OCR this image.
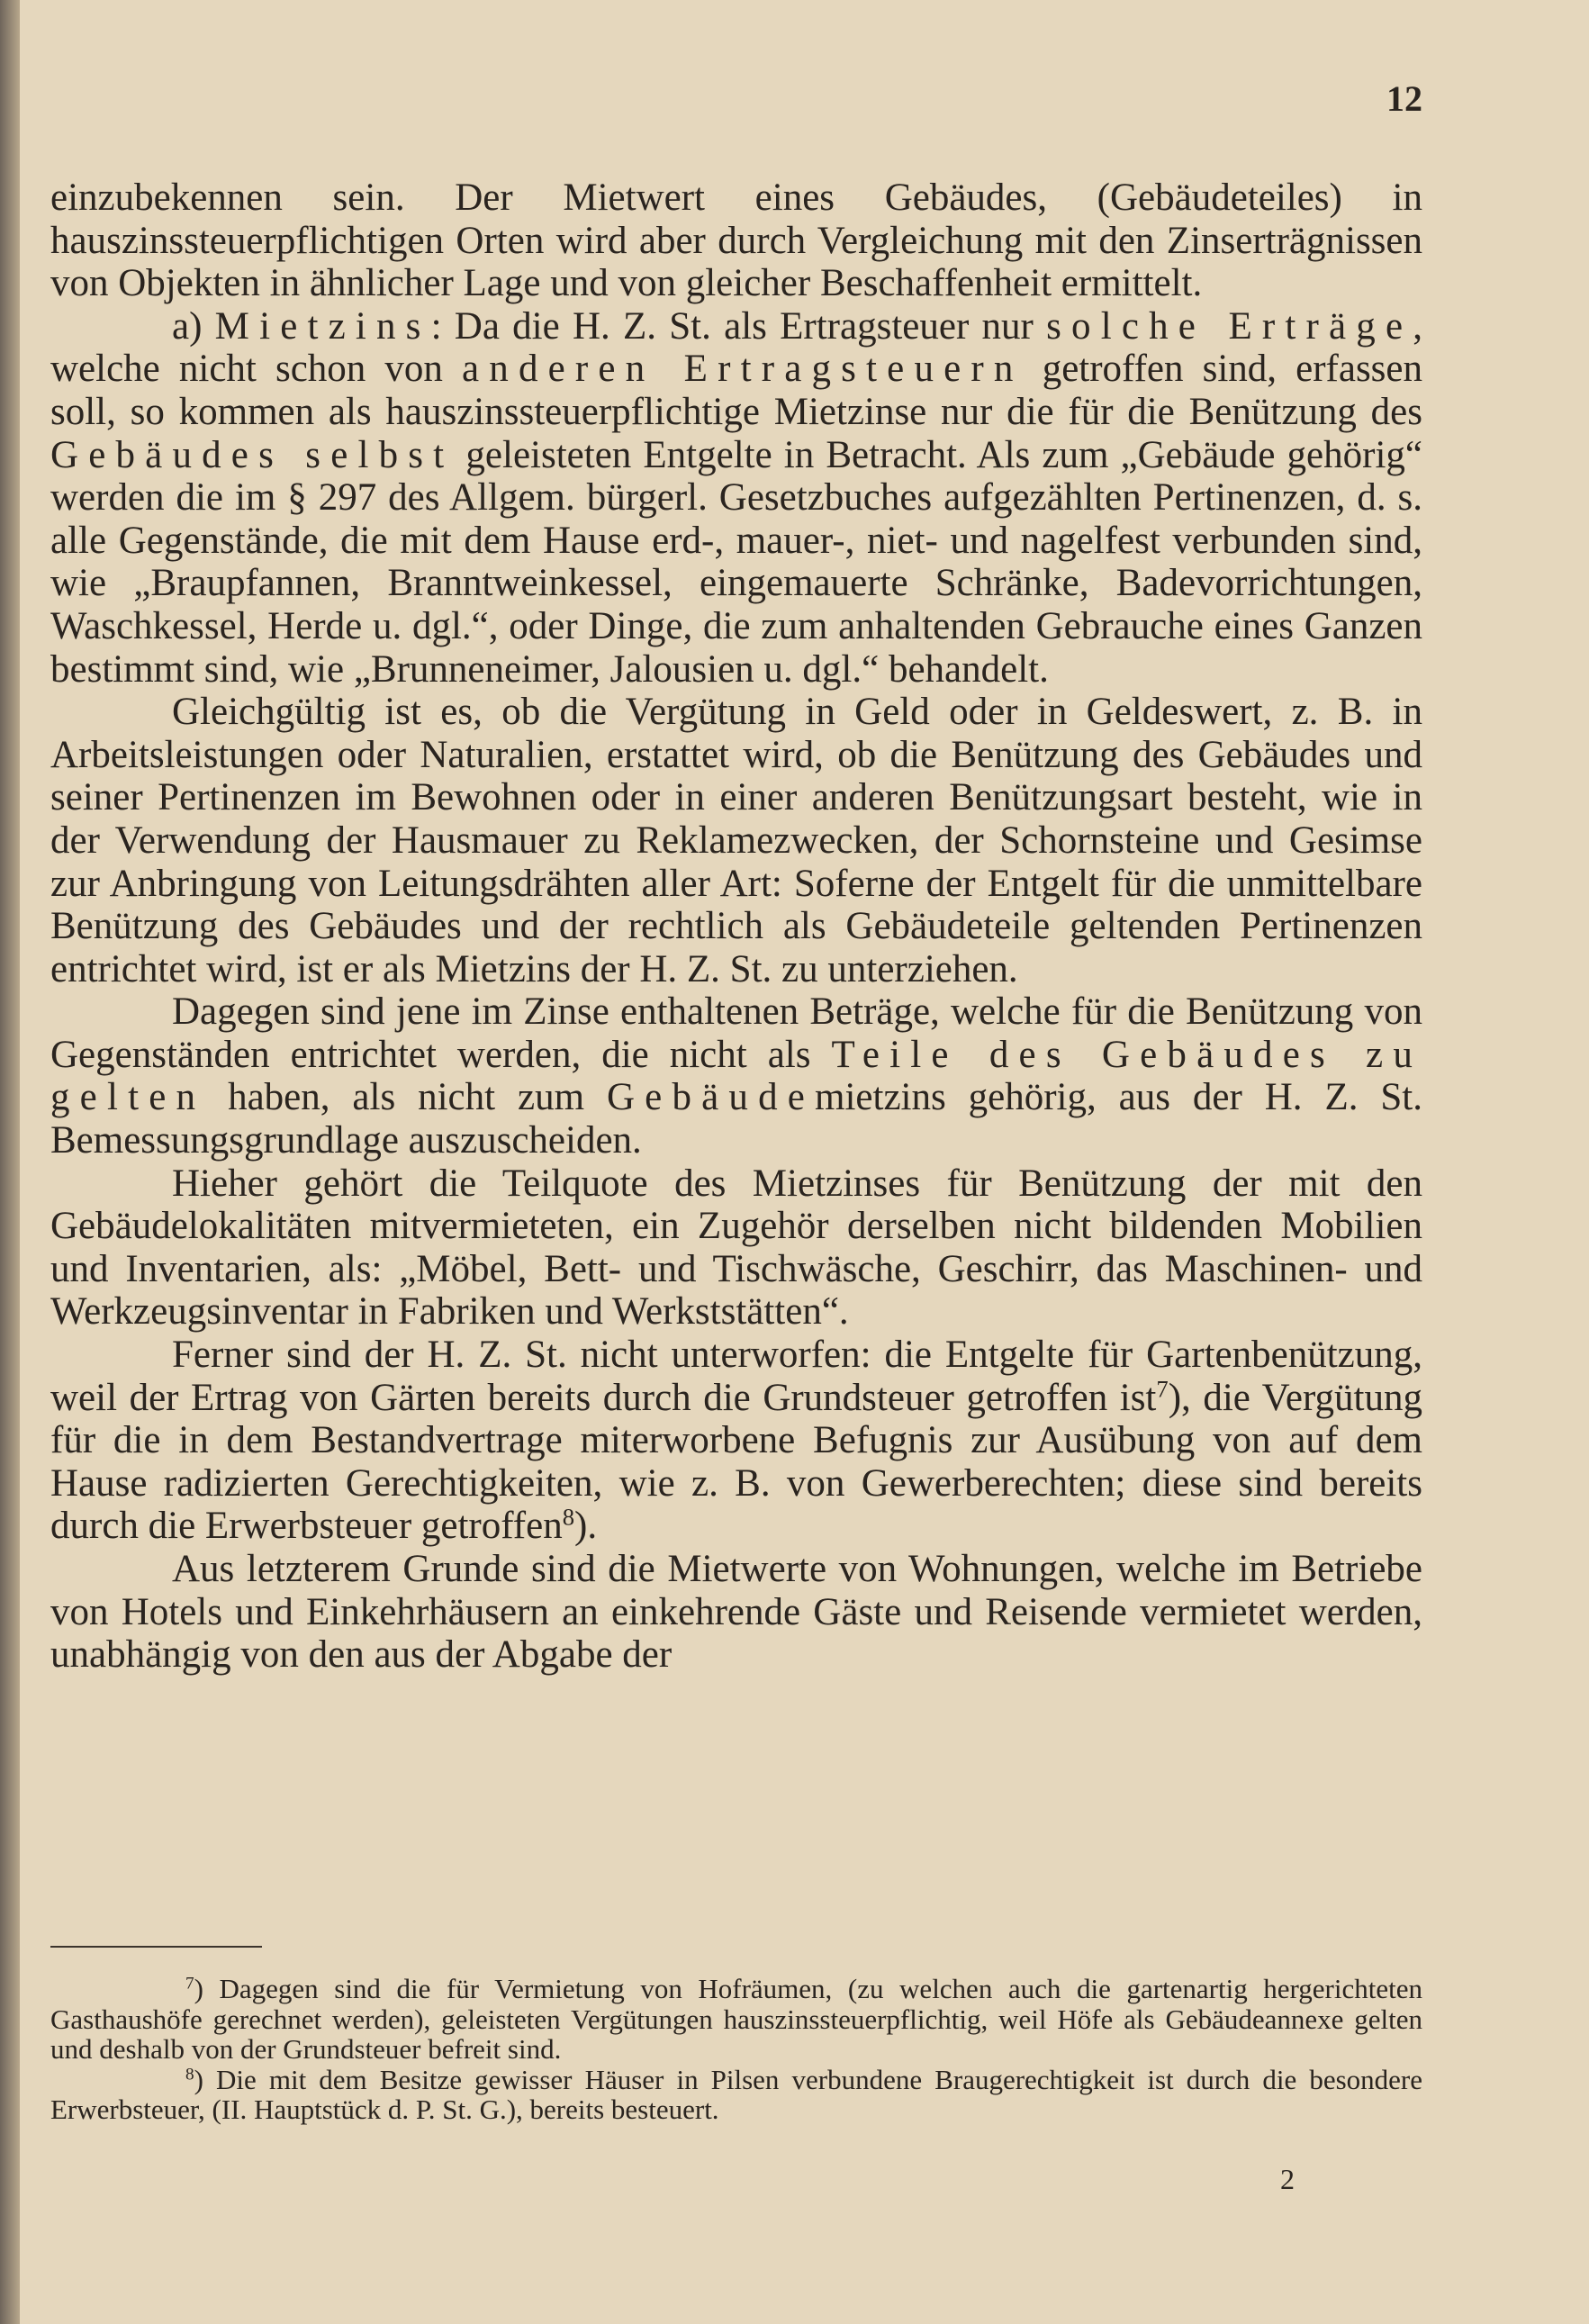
12

einzubekennen sein. Der Mietwert eines Gebäudes, (Gebäudeteiles) in hauszinssteuerpflichtigen Orten wird aber durch Vergleichung mit den Zinserträgnissen von Objekten in ähnlicher Lage und von gleicher Beschaffenheit ermittelt.

a) Mietzins: Da die H. Z. St. als Ertragsteuer nur solche Erträge, welche nicht schon von anderen Ertragsteuern getroffen sind, erfassen soll, so kommen als hauszinssteuerpflichtige Mietzinse nur die für die Benützung des Gebäudes selbst geleisteten Entgelte in Betracht. Als zum „Gebäude gehörig“ werden die im § 297 des Allgem. bürgerl. Gesetzbuches aufgezählten Pertinenzen, d. s. alle Gegenstände, die mit dem Hause erd-, mauer-, niet- und nagelfest verbunden sind, wie „Braupfannen, Branntweinkessel, eingemauerte Schränke, Badevorrichtungen, Waschkessel, Herde u. dgl.“, oder Dinge, die zum anhaltenden Gebrauche eines Ganzen bestimmt sind, wie „Brunneneimer, Jalousien u. dgl.“ behandelt.

Gleichgültig ist es, ob die Vergütung in Geld oder in Geldeswert, z. B. in Arbeitsleistungen oder Naturalien, erstattet wird, ob die Benützung des Gebäudes und seiner Pertinenzen im Bewohnen oder in einer anderen Benützungsart besteht, wie in der Verwendung der Hausmauer zu Reklamezwecken, der Schornsteine und Gesimse zur Anbringung von Leitungsdrähten aller Art: Soferne der Entgelt für die unmittelbare Benützung des Gebäudes und der rechtlich als Gebäudeteile geltenden Pertinenzen entrichtet wird, ist er als Mietzins der H. Z. St. zu unterziehen.

Dagegen sind jene im Zinse enthaltenen Beträge, welche für die Benützung von Gegenständen entrichtet werden, die nicht als Teile des Gebäudes zu gelten haben, als nicht zum Gebäudemietzins gehörig, aus der H. Z. St. Bemessungsgrundlage auszuscheiden.

Hieher gehört die Teilquote des Mietzinses für Benützung der mit den Gebäudelokalitäten mitvermieteten, ein Zugehör derselben nicht bildenden Mobilien und Inventarien, als: „Möbel, Bett- und Tischwäsche, Geschirr, das Maschinen- und Werkzeugsinventar in Fabriken und Werkststätten“.

Ferner sind der H. Z. St. nicht unterworfen: die Entgelte für Gartenbenützung, weil der Ertrag von Gärten bereits durch die Grundsteuer getroffen ist$^7$), die Vergütung für die in dem Bestandvertrage miterworbene Befugnis zur Ausübung von auf dem Hause radizierten Gerechtigkeiten, wie z. B. von Gewerberechten; diese sind bereits durch die Erwerbsteuer getroffen$^8$).

Aus letzterem Grunde sind die Mietwerte von Wohnungen, welche im Betriebe von Hotels und Einkehrhäusern an einkehrende Gäste und Reisende vermietet werden, unabhängig von den aus der Abgabe der

$^7$) Dagegen sind die für Vermietung von Hofräumen, (zu welchen auch die gartenartig hergerichteten Gasthaushöfe gerechnet werden), geleisteten Vergütungen hauszinssteuerpflichtig, weil Höfe als Gebäudeannexe gelten und deshalb von der Grundsteuer befreit sind.

$^8$) Die mit dem Besitze gewisser Häuser in Pilsen verbundene Braugerechtigkeit ist durch die besondere Erwerbsteuer, (II. Hauptstück d. P. St. G.), bereits besteuert.

2
